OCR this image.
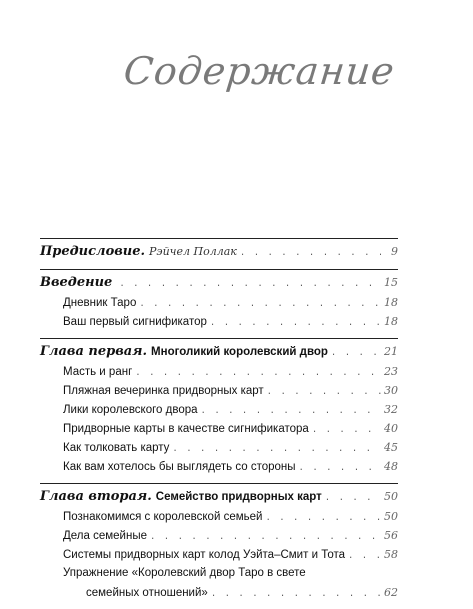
Содержание
Предисловие. Рэйчел Поллак . . .	9
Введение . . .	15
Дневник Таро . . .	18
Ваш первый сигнификатор . . .	18
Глава первая. Многоликий королевский двор . . .	21
Масть и ранг . . .	23
Пляжная вечеринка придворных карт . . .	30
Лики королевского двора . . .	32
Придворные карты в качестве сигнификатора . . .	40
Как толковать карту . . .	45
Как вам хотелось бы выглядеть со стороны . . .	48
Глава вторая. Семейство придворных карт . . .	50
Познакомимся с королевской семьей . . .	50
Дела семейные . . .	56
Системы придворных карт колод Уэйта–Смит и Тота . . .	58
Упражнение «Королевский двор Таро в свете
семейных отношений» . . .	62
